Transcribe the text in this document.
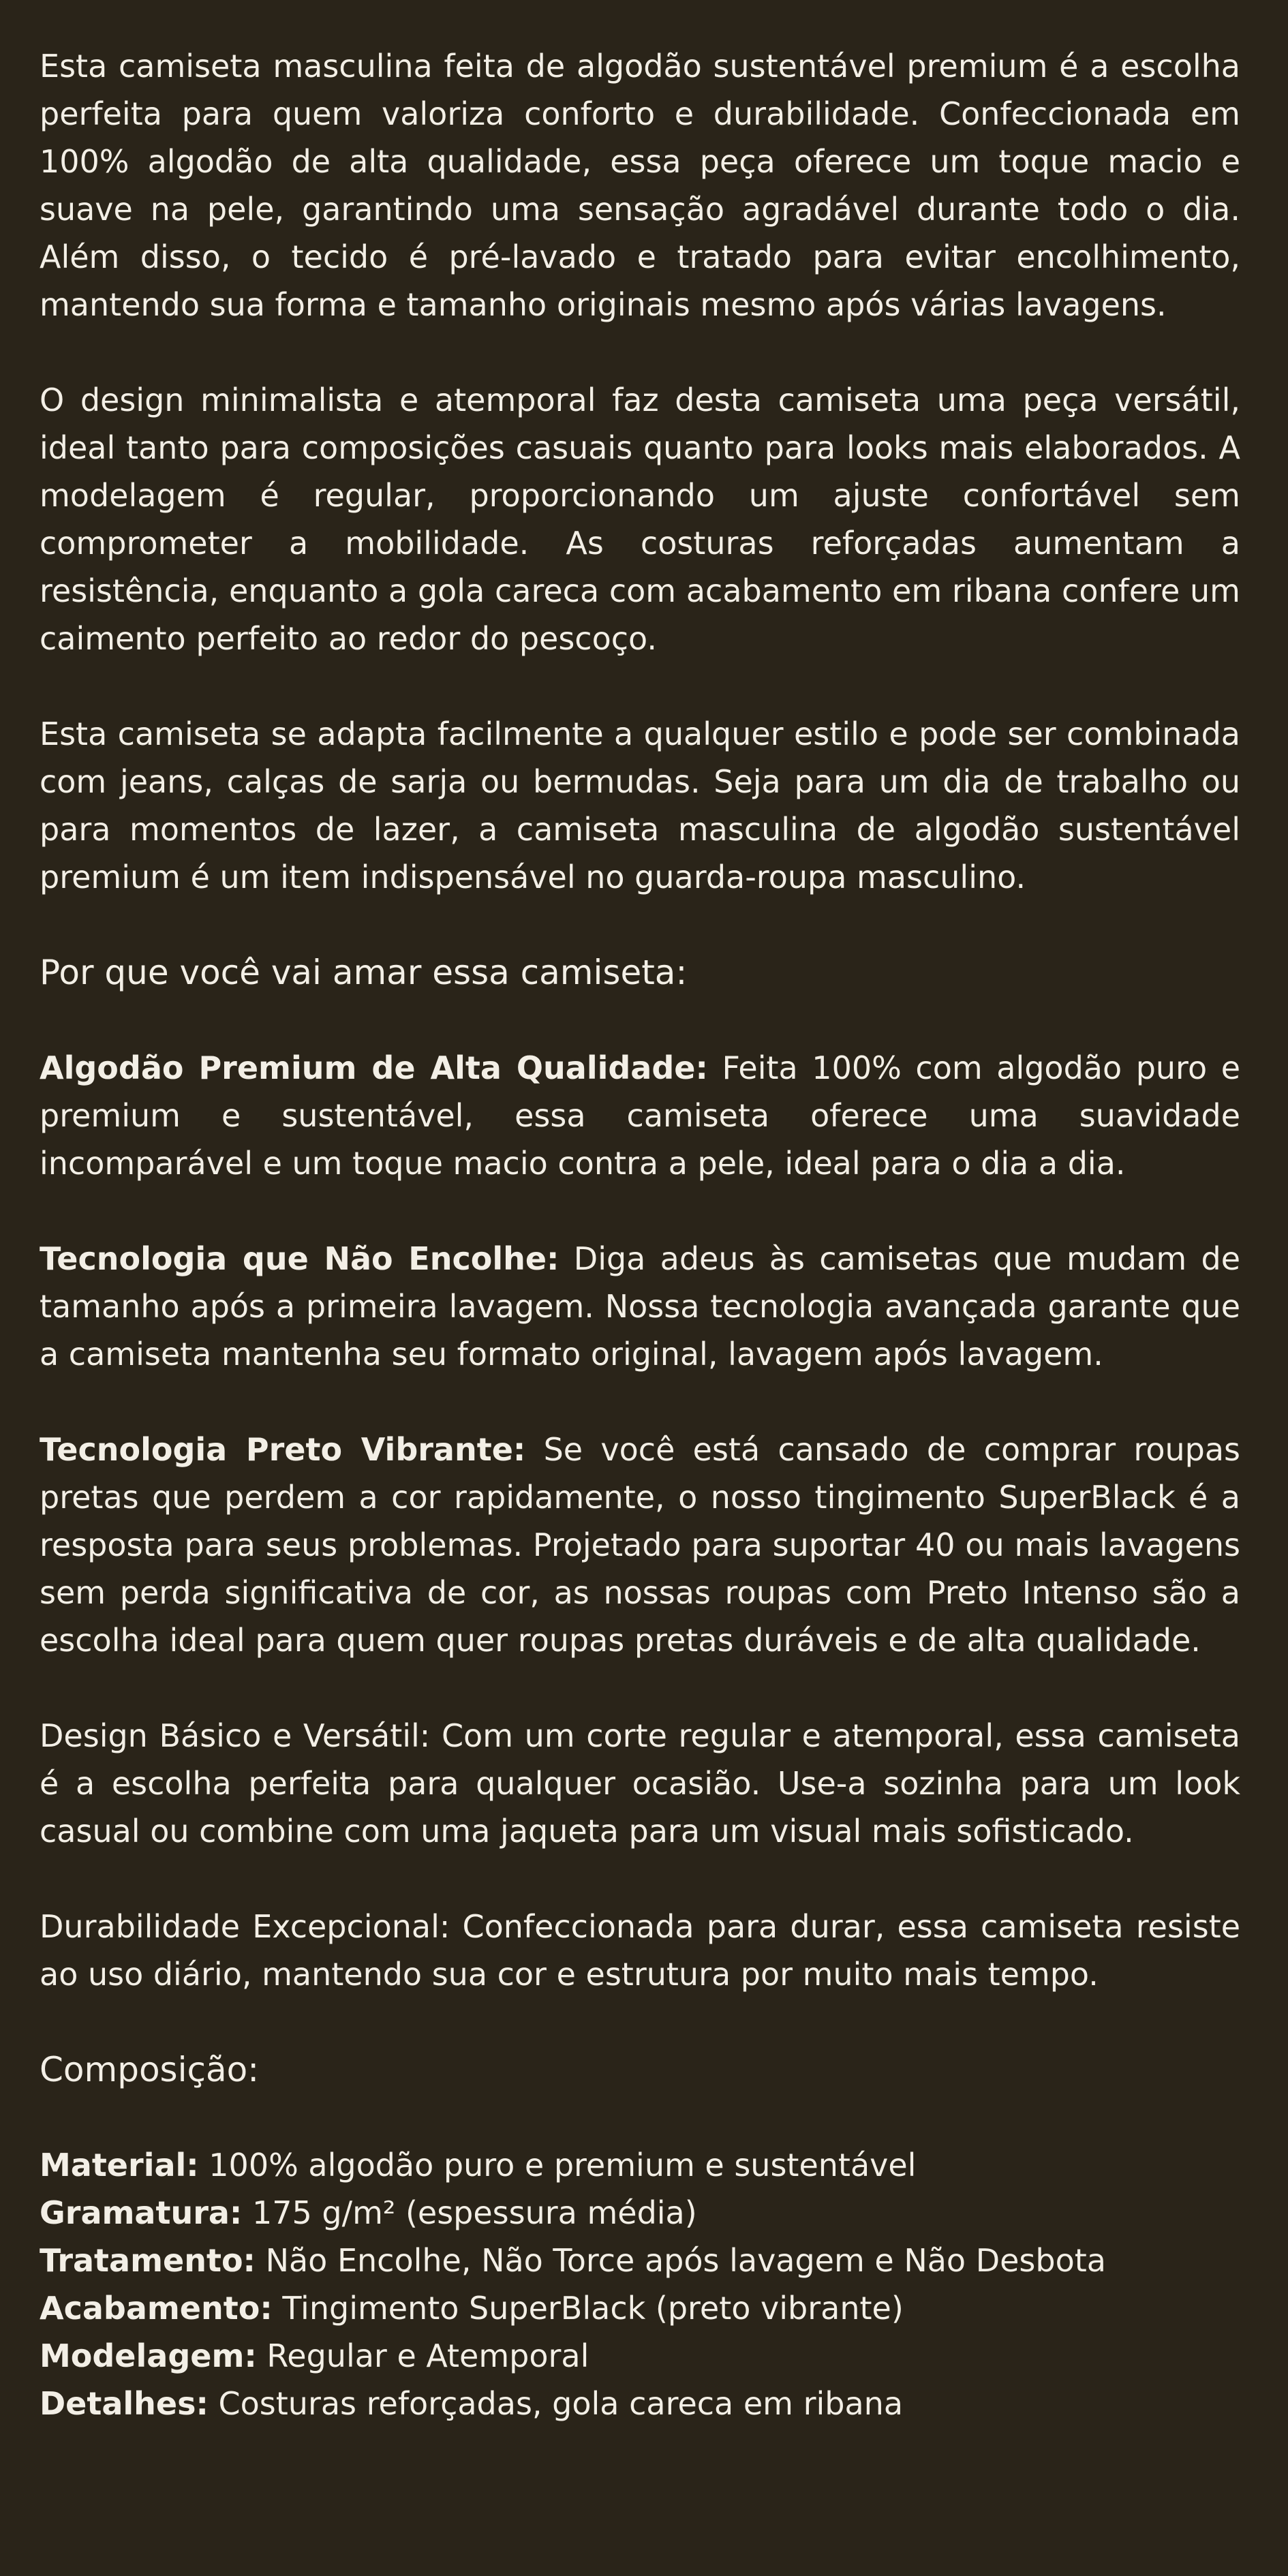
Esta camiseta masculina feita de algodão sustentável premium é a escolha perfeita para quem valoriza conforto e durabilidade. Confeccionada em 100% algodão de alta qualidade, essa peça oferece um toque macio e suave na pele, garantindo uma sensação agradável durante todo o dia. Além disso, o tecido é pré-lavado e tratado para evitar encolhimento, mantendo sua forma e tamanho originais mesmo após várias lavagens.

O design minimalista e atemporal faz desta camiseta uma peça versátil, ideal tanto para composições casuais quanto para looks mais elaborados. A modelagem é regular, proporcionando um ajuste confortável sem comprometer a mobilidade. As costuras reforçadas aumentam a resistência, enquanto a gola careca com acabamento em ribana confere um caimento perfeito ao redor do pescoço.

Esta camiseta se adapta facilmente a qualquer estilo e pode ser combinada com jeans, calças de sarja ou bermudas. Seja para um dia de trabalho ou para momentos de lazer, a camiseta masculina de algodão sustentável premium é um item indispensável no guarda-roupa masculino.

Por que você vai amar essa camiseta:

Algodão Premium de Alta Qualidade: Feita 100% com algodão puro e premium e sustentável, essa camiseta oferece uma suavidade incomparável e um toque macio contra a pele, ideal para o dia a dia.

Tecnologia que Não Encolhe: Diga adeus às camisetas que mudam de tamanho após a primeira lavagem. Nossa tecnologia avançada garante que a camiseta mantenha seu formato original, lavagem após lavagem.

Tecnologia Preto Vibrante: Se você está cansado de comprar roupas pretas que perdem a cor rapidamente, o nosso tingimento SuperBlack é a resposta para seus problemas. Projetado para suportar 40 ou mais lavagens sem perda significativa de cor, as nossas roupas com Preto Intenso são a escolha ideal para quem quer roupas pretas duráveis e de alta qualidade.

Design Básico e Versátil: Com um corte regular e atemporal, essa camiseta é a escolha perfeita para qualquer ocasião. Use-a sozinha para um look casual ou combine com uma jaqueta para um visual mais sofisticado.

Durabilidade Excepcional: Confeccionada para durar, essa camiseta resiste ao uso diário, mantendo sua cor e estrutura por muito mais tempo.

Composição:

Material: 100% algodão puro e premium e sustentável

Gramatura: 175 g/m² (espessura média)

Tratamento: Não Encolhe, Não Torce após lavagem e Não Desbota

Acabamento: Tingimento SuperBlack (preto vibrante)

Modelagem: Regular e Atemporal

Detalhes: Costuras reforçadas, gola careca em ribana
